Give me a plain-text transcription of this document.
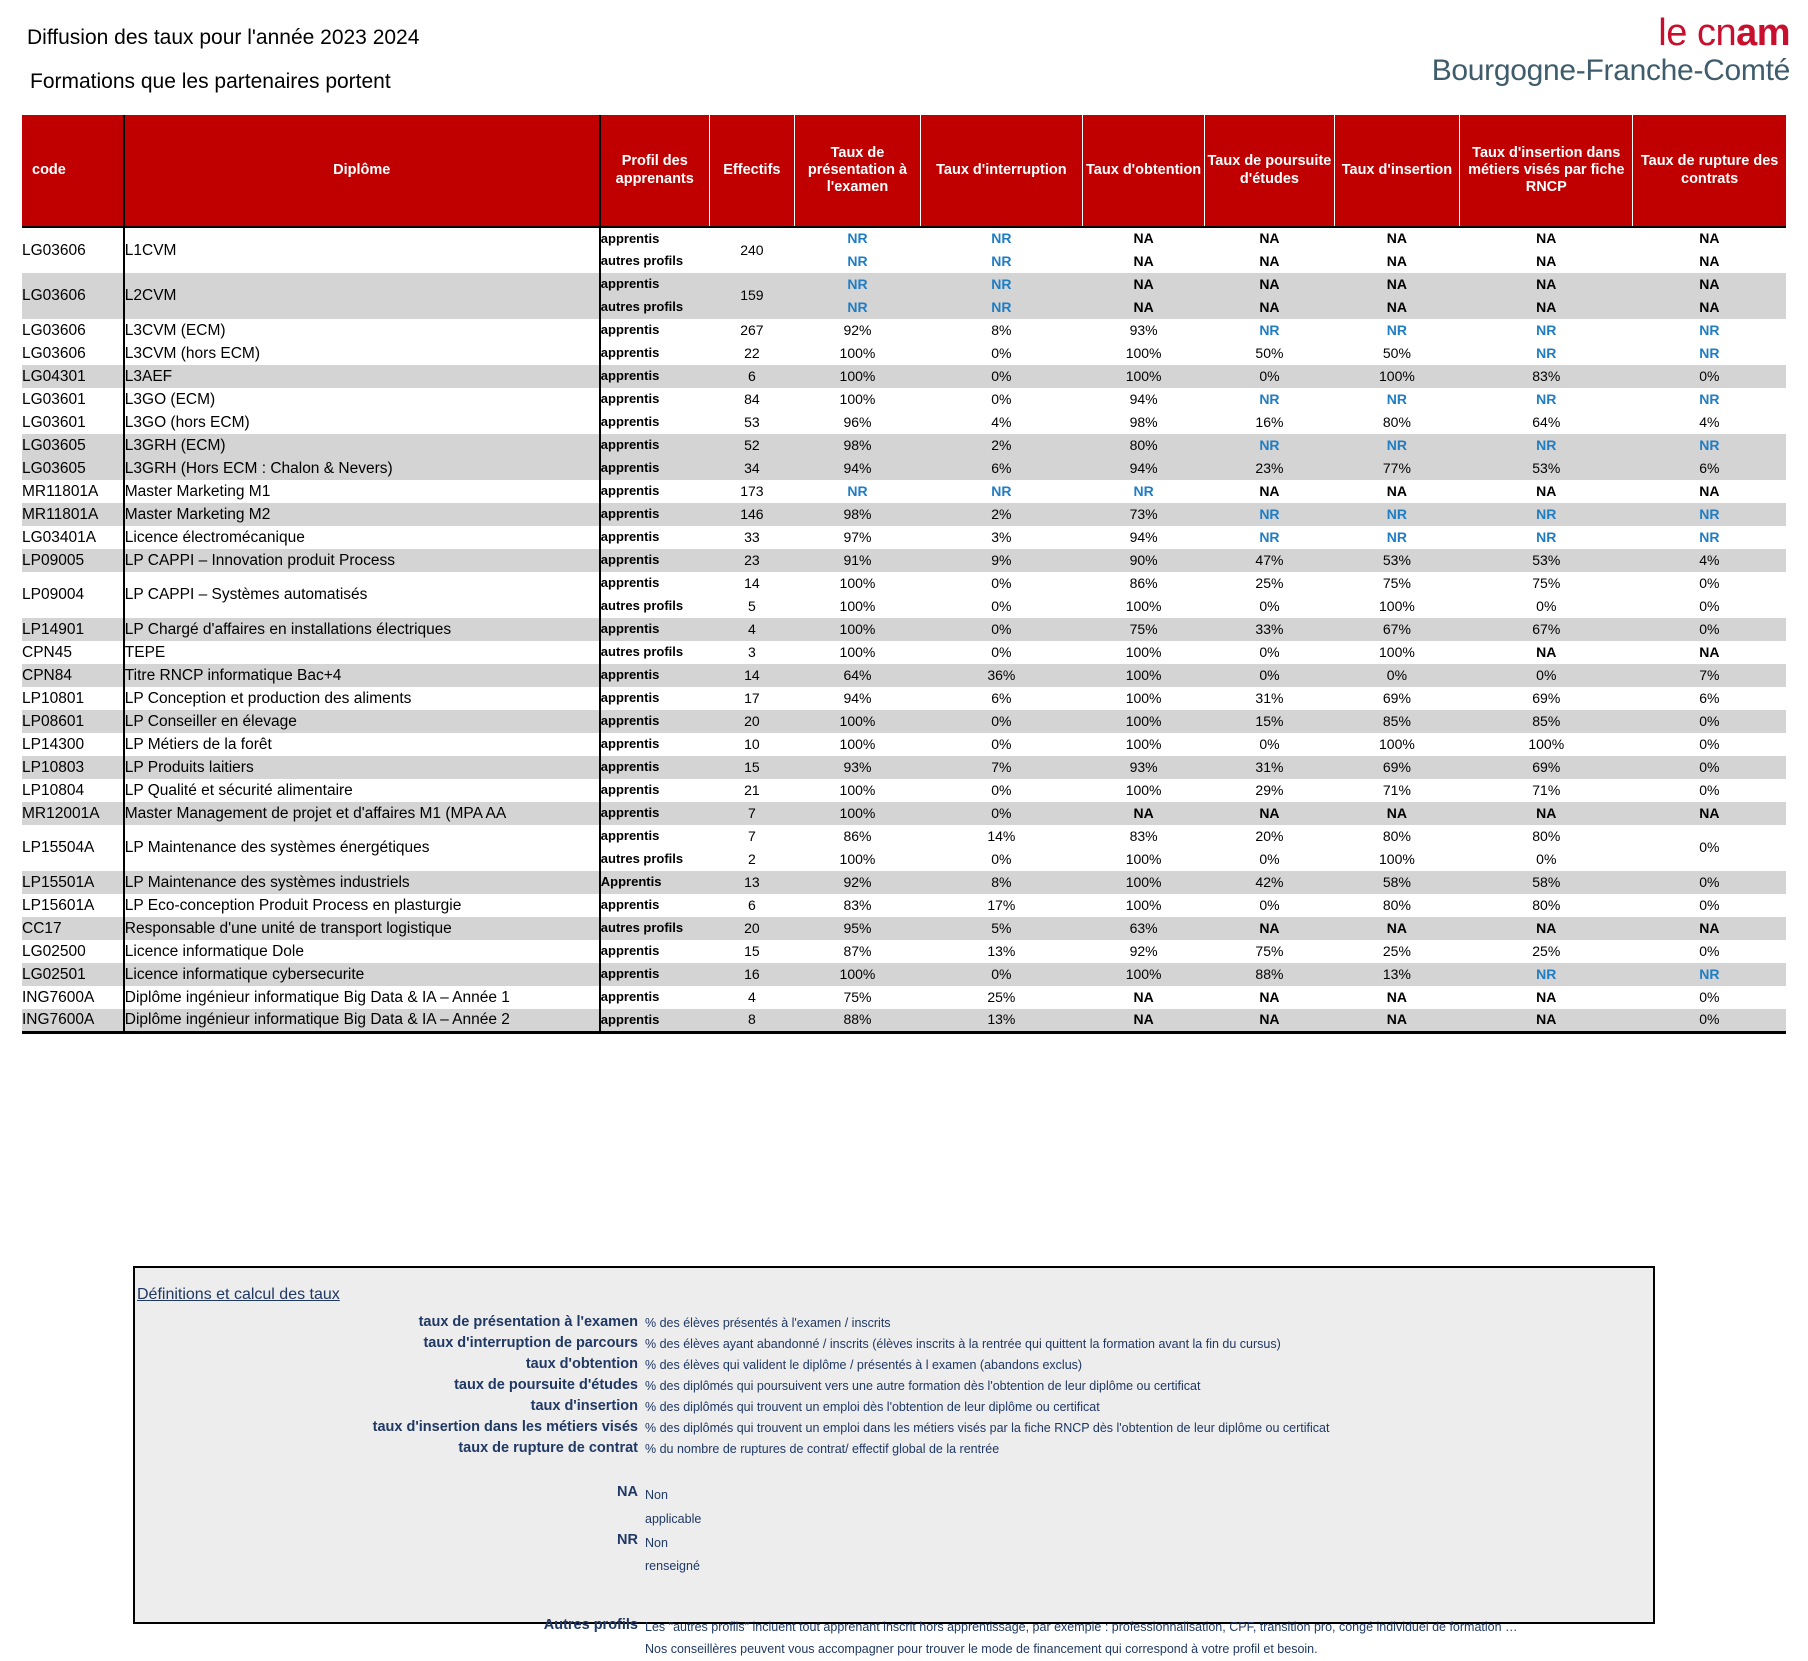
Diffusion des taux pour l'année 2023 2024
Formations que les partenaires portent
le cnam
Bourgogne-Franche-Comté
code	Diplôme	Profil des apprenants	Effectifs	Taux de présentation à l'examen	Taux d'interruption	Taux d'obtention	Taux de poursuite d'études	Taux d'insertion	Taux d'insertion dans métiers visés par fiche RNCP	Taux de rupture des contrats
LG03606	L1CVM	apprentis	240	NR	NR	NA	NA	NA	NA	NA
		autres profils		NR	NR	NA	NA	NA	NA	NA
LG03606	L2CVM	apprentis	159	NR	NR	NA	NA	NA	NA	NA
		autres profils		NR	NR	NA	NA	NA	NA	NA
LG03606	L3CVM (ECM)	apprentis	267	92%	8%	93%	NR	NR	NR	NR
LG03606	L3CVM (hors ECM)	apprentis	22	100%	0%	100%	50%	50%	NR	NR
LG04301	L3AEF	apprentis	6	100%	0%	100%	0%	100%	83%	0%
LG03601	L3GO (ECM)	apprentis	84	100%	0%	94%	NR	NR	NR	NR
LG03601	L3GO (hors ECM)	apprentis	53	96%	4%	98%	16%	80%	64%	4%
LG03605	L3GRH (ECM)	apprentis	52	98%	2%	80%	NR	NR	NR	NR
LG03605	L3GRH (Hors ECM : Chalon & Nevers)	apprentis	34	94%	6%	94%	23%	77%	53%	6%
MR11801A	Master Marketing M1	apprentis	173	NR	NR	NR	NA	NA	NA	NA
MR11801A	Master Marketing M2	apprentis	146	98%	2%	73%	NR	NR	NR	NR
LG03401A	Licence électromécanique	apprentis	33	97%	3%	94%	NR	NR	NR	NR
LP09005	LP CAPPI – Innovation produit Process	apprentis	23	91%	9%	90%	47%	53%	53%	4%
LP09004	LP CAPPI – Systèmes automatisés	apprentis	14	100%	0%	86%	25%	75%	75%	0%
		autres profils	5	100%	0%	100%	0%	100%	0%	0%
LP14901	LP Chargé d'affaires en installations électriques	apprentis	4	100%	0%	75%	33%	67%	67%	0%
CPN45	TEPE	autres profils	3	100%	0%	100%	0%	100%	NA	NA
CPN84	Titre RNCP informatique Bac+4	apprentis	14	64%	36%	100%	0%	0%	0%	7%
LP10801	LP Conception et production des aliments	apprentis	17	94%	6%	100%	31%	69%	69%	6%
LP08601	LP Conseiller en élevage	apprentis	20	100%	0%	100%	15%	85%	85%	0%
LP14300	LP Métiers de la forêt	apprentis	10	100%	0%	100%	0%	100%	100%	0%
LP10803	LP Produits laitiers	apprentis	15	93%	7%	93%	31%	69%	69%	0%
LP10804	LP Qualité et sécurité alimentaire	apprentis	21	100%	0%	100%	29%	71%	71%	0%
MR12001A	Master Management de projet et d'affaires M1 (MPA AA	apprentis	7	100%	0%	NA	NA	NA	NA	NA
LP15504A	LP Maintenance des systèmes énergétiques	apprentis	7	86%	14%	83%	20%	80%	80%	0%
		autres profils	2	100%	0%	100%	0%	100%	0%	
LP15501A	LP Maintenance des systèmes industriels	Apprentis	13	92%	8%	100%	42%	58%	58%	0%
LP15601A	LP Eco-conception Produit Process en plasturgie	apprentis	6	83%	17%	100%	0%	80%	80%	0%
CC17	Responsable d'une unité de transport logistique	autres profils	20	95%	5%	63%	NA	NA	NA	NA
LG02500	Licence informatique Dole	apprentis	15	87%	13%	92%	75%	25%	25%	0%
LG02501	Licence informatique cybersecurite	apprentis	16	100%	0%	100%	88%	13%	NR	NR
ING7600A	Diplôme ingénieur informatique Big Data & IA – Année 1	apprentis	4	75%	25%	NA	NA	NA	NA	0%
ING7600A	Diplôme ingénieur informatique Big Data & IA – Année 2	apprentis	8	88%	13%	NA	NA	NA	NA	0%
Définitions et calcul des taux
taux de présentation à l'examen % des élèves présentés à l'examen / inscrits
taux d'interruption de parcours % des élèves ayant abandonné / inscrits (élèves inscrits à la rentrée qui quittent la formation avant la fin du cursus)
taux d'obtention % des élèves qui valident le diplôme / présentés à l examen (abandons exclus)
taux de poursuite d'études % des diplômés qui poursuivent vers une autre formation dès l'obtention de leur diplôme ou certificat
taux d'insertion % des diplômés qui trouvent un emploi dès l'obtention de leur diplôme ou certificat
taux d'insertion dans les métiers visés % des diplômés qui trouvent un emploi dans les métiers visés par la fiche RNCP dès l'obtention de leur diplôme ou certificat
taux de rupture de contrat % du nombre de ruptures de contrat/ effectif global de la rentrée
NA Non
applicable
NR Non
renseigné
Autres profils Les "autres profils" incluent tout apprenant inscrit hors apprentissage, par exemple : professionnalisation, CPF, transition pro, congé individuel de formation …
Nos conseillères peuvent vous accompagner pour trouver le mode de financement qui correspond à votre profil et besoin.
